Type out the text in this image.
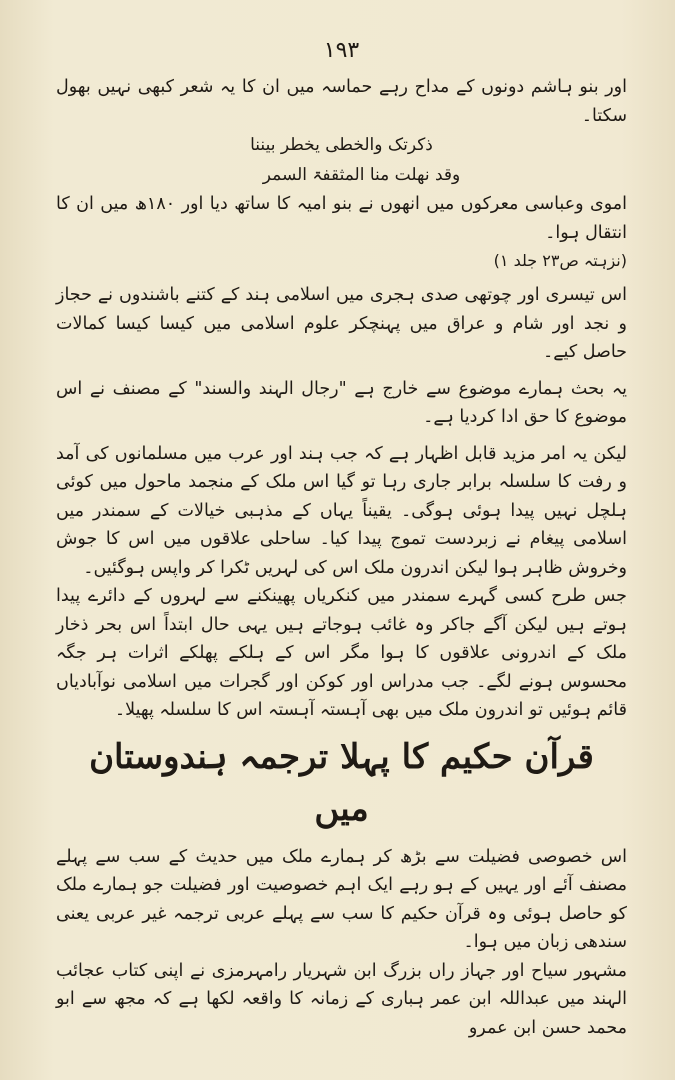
۱۹۳

اور بنو ہاشم دونوں کے مداح رہے حماسہ میں ان کا یہ شعر کبھی نہیں بھول سکتا۔

ذکرتک والخطی یخطر بیننا

وقد نھلت منا المثقفۃ السمر

اموی وعباسی معرکوں میں انھوں نے بنو امیہ کا ساتھ دیا اور ۱۸۰ھ میں ان کا انتقال ہوا۔

(نزہتہ ص۲۳ جلد ۱)

اس تیسری اور چوتھی صدی ہجری میں اسلامی ہند کے کتنے باشندوں نے حجاز و نجد اور شام و عراق میں پہنچکر علوم اسلامی میں کیسا کیسا کمالات حاصل کیے۔

یہ بحث ہمارے موضوع سے خارج ہے "رجال الہند والسند" کے مصنف نے اس موضوع کا حق ادا کردیا ہے۔

لیکن یہ امر مزید قابل اظہار ہے کہ جب ہند اور عرب میں مسلمانوں کی آمد و رفت کا سلسلہ برابر جاری رہا تو گیا اس ملک کے منجمد ماحول میں کوئی ہلچل نہیں پیدا ہوئی ہوگی۔ یقیناً یہاں کے مذہبی خیالات کے سمندر میں اسلامی پیغام نے زبردست تموج پیدا کیا۔ ساحلی علاقوں میں اس کا جوش وخروش ظاہر ہوا لیکن اندرون ملک اس کی لہریں ٹکرا کر واپس ہوگئیں۔

جس طرح کسی گہرے سمندر میں کنکریاں پھینکنے سے لہروں کے دائرے پیدا ہوتے ہیں لیکن آگے جاکر وہ غائب ہوجاتے ہیں یہی حال ابتداً اس بحر ذخار ملک کے اندرونی علاقوں کا ہوا مگر اس کے ہلکے پھلکے اثرات ہر جگہ محسوس ہونے لگے۔ جب مدراس اور کوکن اور گجرات میں اسلامی نوآبادیاں قائم ہوئیں تو اندرون ملک میں بھی آہستہ آہستہ اس کا سلسلہ پھیلا۔

قرآن حکیم کا پہلا ترجمہ ہندوستان میں

اس خصوصی فضیلت سے بڑھ کر ہمارے ملک میں حدیث کے سب سے پہلے مصنف آئے اور یہیں کے ہو رہے ایک اہم خصوصیت اور فضیلت جو ہمارے ملک کو حاصل ہوئی وہ قرآن حکیم کا سب سے پہلے عربی ترجمہ غیر عربی یعنی سندھی زبان میں ہوا۔

مشہور سیاح اور جہاز راں بزرگ ابن شہریار رامہرمزی نے اپنی کتاب عجائب الہند میں عبداللہ ابن عمر ہباری کے زمانہ کا واقعہ لکھا ہے کہ مجھ سے ابو محمد حسن ابن عمرو
